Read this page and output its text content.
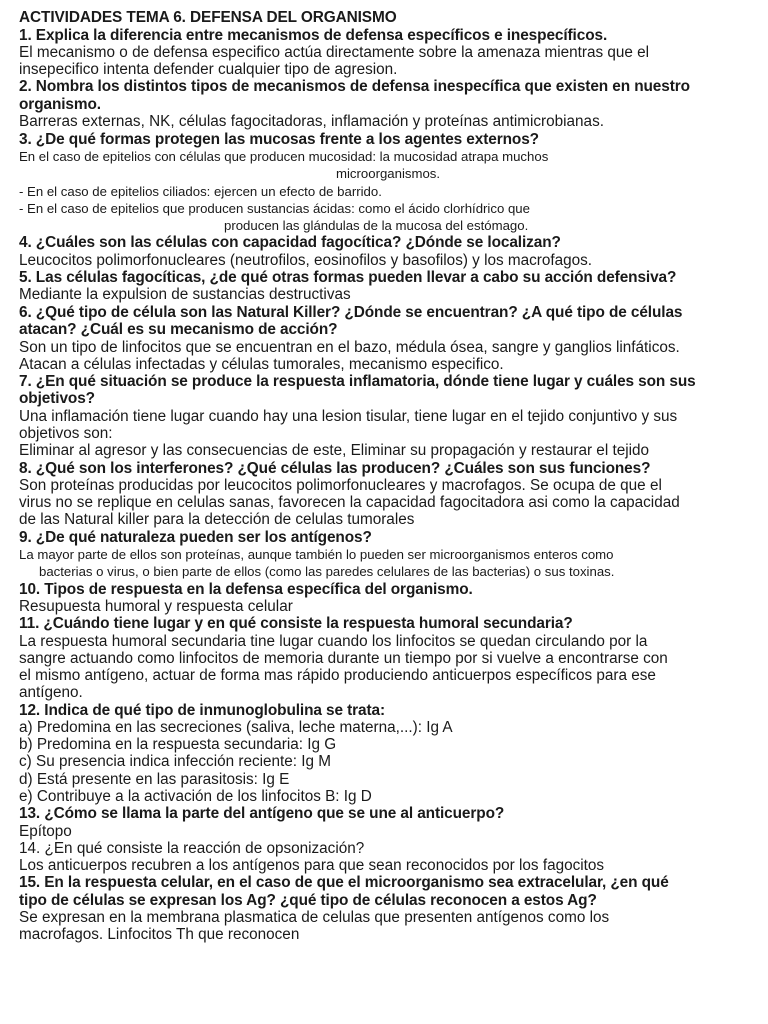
ACTIVIDADES TEMA 6. DEFENSA DEL ORGANISMO
1. Explica la diferencia entre mecanismos de defensa específicos e inespecíficos.
El mecanismo o de defensa especifico actúa directamente sobre la amenaza mientras que el
insepecifico intenta defender cualquier tipo de agresion.
2. Nombra los distintos tipos de mecanismos de defensa inespecífica que existen en nuestro
organismo.
Barreras externas, NK, células fagocitadoras, inflamación y proteínas antimicrobianas.
3. ¿De qué formas protegen las mucosas frente a los agentes externos?
En el caso de epitelios con células que producen mucosidad: la mucosidad atrapa muchos
microorganismos.
- En el caso de epitelios ciliados: ejercen un efecto de barrido.
- En el caso de epitelios que producen sustancias ácidas: como el ácido clorhídrico que
producen las glándulas de la mucosa del estómago.
4. ¿Cuáles son las células con capacidad fagocítica? ¿Dónde se localizan?
Leucocitos polimorfonucleares (neutrofilos, eosinofilos y basofilos) y los macrofagos.
5. Las células fagocíticas, ¿de qué otras formas pueden llevar a cabo su acción defensiva?
Mediante la expulsion de sustancias destructivas
6. ¿Qué tipo de célula son las Natural Killer? ¿Dónde se encuentran? ¿A qué tipo de células
atacan? ¿Cuál es su mecanismo de acción?
Son un tipo de linfocitos que se encuentran en el bazo, médula ósea, sangre y ganglios linfáticos.
Atacan a células infectadas y células tumorales, mecanismo especifico.
7. ¿En qué situación se produce la respuesta inflamatoria, dónde tiene lugar y cuáles son sus
objetivos?
Una inflamación tiene lugar cuando hay una lesion tisular, tiene lugar en el tejido conjuntivo y sus
objetivos son:
Eliminar al agresor y las consecuencias de este, Eliminar su propagación y restaurar el tejido
8. ¿Qué son los interferones? ¿Qué células las producen? ¿Cuáles son sus funciones?
Son proteínas producidas por leucocitos polimorfonucleares y macrofagos. Se ocupa de que el
virus no se replique en celulas sanas, favorecen la capacidad fagocitadora asi como la capacidad
de las Natural killer para la detección de celulas tumorales
9. ¿De qué naturaleza pueden ser los antígenos?
La mayor parte de ellos son proteínas, aunque también lo pueden ser microorganismos enteros como
bacterias o virus, o bien parte de ellos (como las paredes celulares de las bacterias) o sus toxinas.
10. Tipos de respuesta en la defensa específica del organismo.
Resupuesta humoral y respuesta celular
11. ¿Cuándo tiene lugar y en qué consiste la respuesta humoral secundaria?
La respuesta humoral secundaria tine lugar cuando los linfocitos se quedan circulando por la
sangre actuando como linfocitos de memoria durante un tiempo por si vuelve a encontrarse con
el mismo antígeno, actuar de forma mas rápido produciendo anticuerpos específicos para ese
antígeno.
12. Indica de qué tipo de inmunoglobulina se trata:
a) Predomina en las secreciones (saliva, leche materna,...): Ig A
b) Predomina en la respuesta secundaria: Ig G
c) Su presencia indica infección reciente: Ig M
d) Está presente en las parasitosis: Ig E
e) Contribuye a la activación de los linfocitos B: Ig D
13. ¿Cómo se llama la parte del antígeno que se une al anticuerpo?
Epítopo
14. ¿En qué consiste la reacción de opsonización?
Los anticuerpos recubren a los antígenos para que sean reconocidos por los fagocitos
15. En la respuesta celular, en el caso de que el microorganismo sea extracelular, ¿en qué
tipo de células se expresan los Ag? ¿qué tipo de células reconocen a estos Ag?
Se expresan en la membrana plasmatica de celulas que presenten antígenos como los
macrofagos. Linfocitos Th que reconocen
